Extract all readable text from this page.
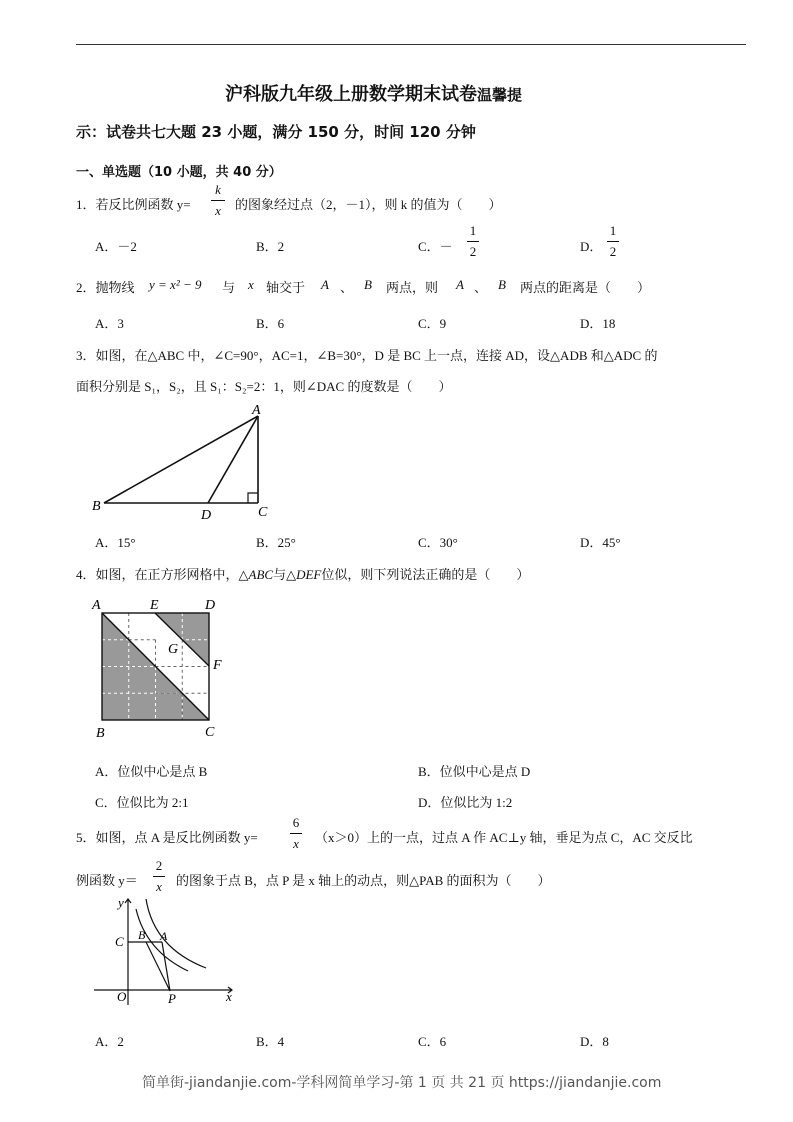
沪科版九年级上册数学期末试卷温馨提
示：试卷共七大题 23 小题，满分 150 分，时间 120 分钟
一、单选题（10 小题，共 40 分）
1．若反比例函数 y=
k
x	的图象经过点（2，－1），则 k 的值为（　　）
A．－2	B．2	C．－
1
2	D．
1
2
2．抛物线 y = x² − 9 与 x 轴交于 A 、 B 两点，则 A 、 B 两点的距离是（　　）
A．3	B．6	C．9	D．18
3．如图，在△ABC 中，∠C=90°，AC=1，∠B=30°，D 是 BC 上一点，连接 AD，设△ADB 和△ADC 的
面积分别是 S₁，S₂，且 S₁：S₂=2：1，则∠DAC 的度数是（　　）
A
B	C
D
A．15°	B．25°	C．30°	D．45°
4．如图，在正方形网格中，△ABC与△DEF位似，则下列说法正确的是（　　）
A	E	D
G
F
B	C
A．位似中心是点 B	B．位似中心是点 D
C．位似比为 2:1	D．位似比为 1:2
5．如图，点 A 是反比例函数 y=
6
x （x＞0）上的一点，过点 A 作 AC⊥y 轴，垂足为点 C，AC 交反比
例函数 y＝
2
x 的图象于点 B，点 P 是 x 轴上的动点，则△PAB 的面积为（　　）
y
x
C B A
O	P
A．2	B．4	C．6	D．8
简单街-jiandanjie.com-学科网简单学习-第 1 页 共 21 页 https://jiandanjie.com
